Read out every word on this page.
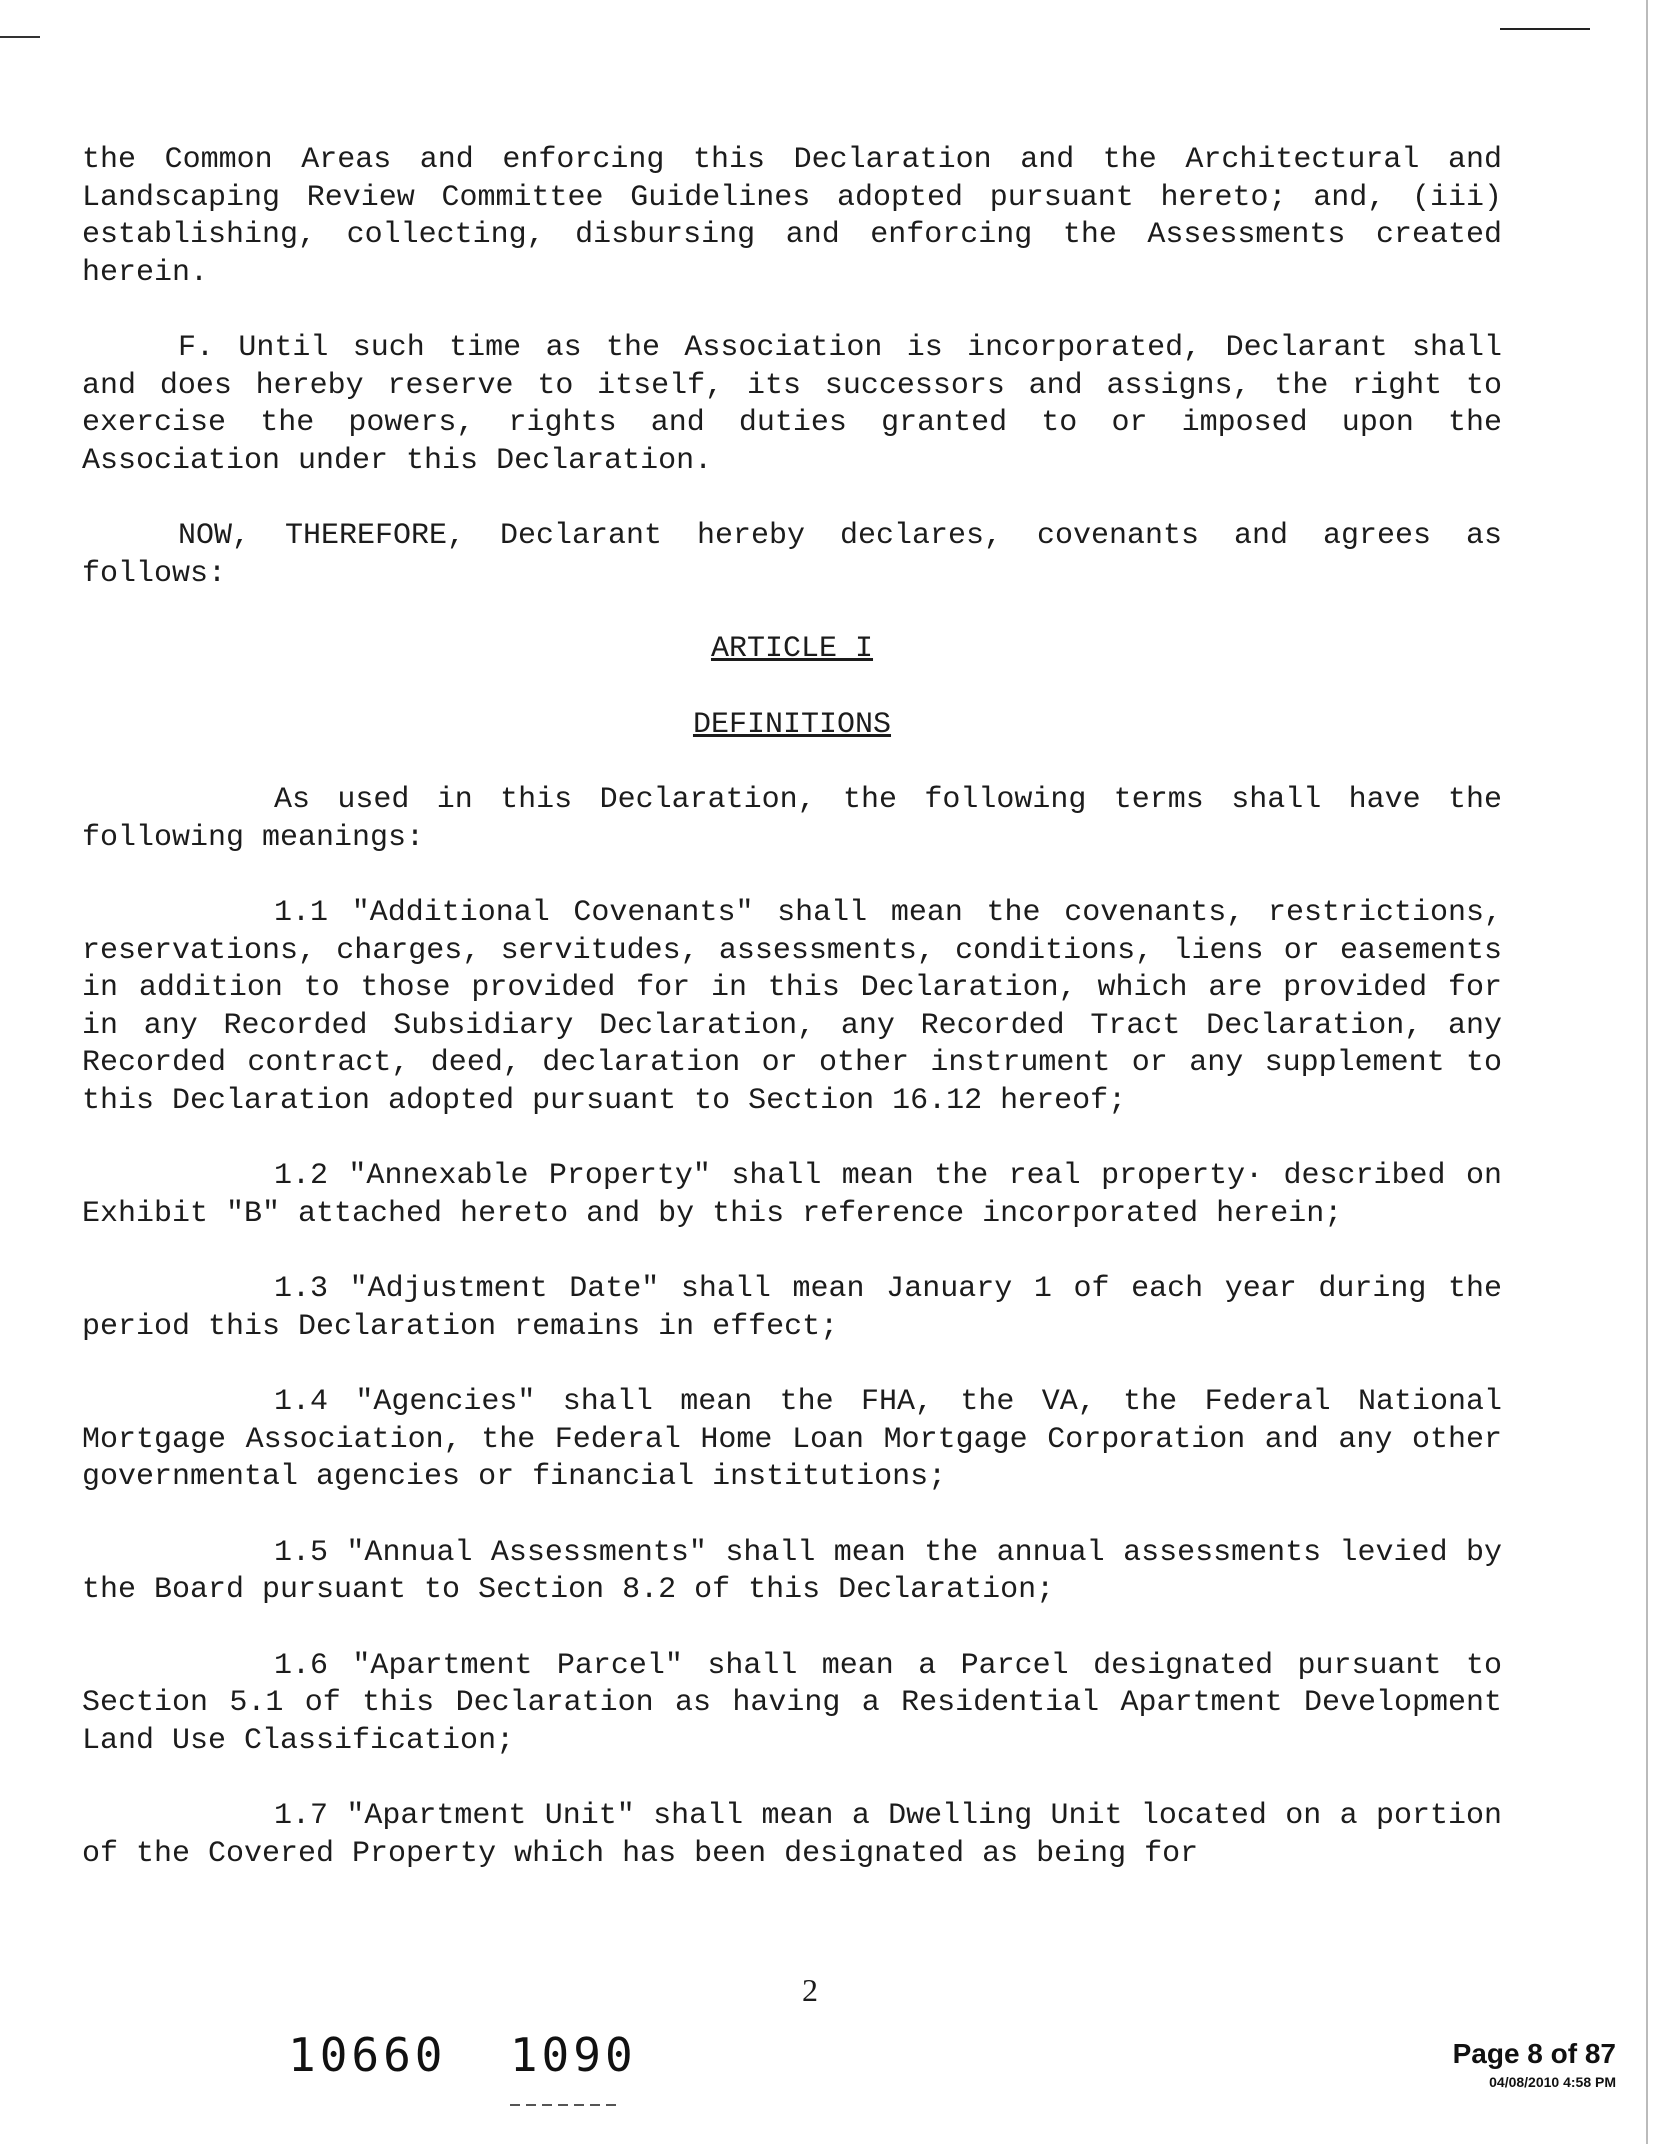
the Common Areas and enforcing this Declaration and the Architectural and Landscaping Review Committee Guidelines adopted pursuant hereto; and, (iii) establishing, collecting, disbursing and enforcing the Assessments created herein.

F. Until such time as the Association is incorporated, Declarant shall and does hereby reserve to itself, its successors and assigns, the right to exercise the powers, rights and duties granted to or imposed upon the Association under this Declaration.

NOW, THEREFORE, Declarant hereby declares, covenants and agrees as follows:

ARTICLE I

DEFINITIONS

As used in this Declaration, the following terms shall have the following meanings:

1.1 "Additional Covenants" shall mean the covenants, restrictions, reservations, charges, servitudes, assessments, conditions, liens or easements in addition to those provided for in this Declaration, which are provided for in any Recorded Subsidiary Declaration, any Recorded Tract Declaration, any Recorded contract, deed, declaration or other instrument or any supplement to this Declaration adopted pursuant to Section 16.12 hereof;

1.2 "Annexable Property" shall mean the real property· described on Exhibit "B" attached hereto and by this reference incorporated herein;

1.3 "Adjustment Date" shall mean January 1 of each year during the period this Declaration remains in effect;

1.4 "Agencies" shall mean the FHA, the VA, the Federal National Mortgage Association, the Federal Home Loan Mortgage Corporation and any other governmental agencies or financial institutions;

1.5 "Annual Assessments" shall mean the annual assessments levied by the Board pursuant to Section 8.2 of this Declaration;

1.6 "Apartment Parcel" shall mean a Parcel designated pursuant to Section 5.1 of this Declaration as having a Residential Apartment Development Land Use Classification;

1.7 "Apartment Unit" shall mean a Dwelling Unit located on a portion of the Covered Property which has been designated as being for

2
10660  1090	Page 8 of 87
04/08/2010 4:58 PM
